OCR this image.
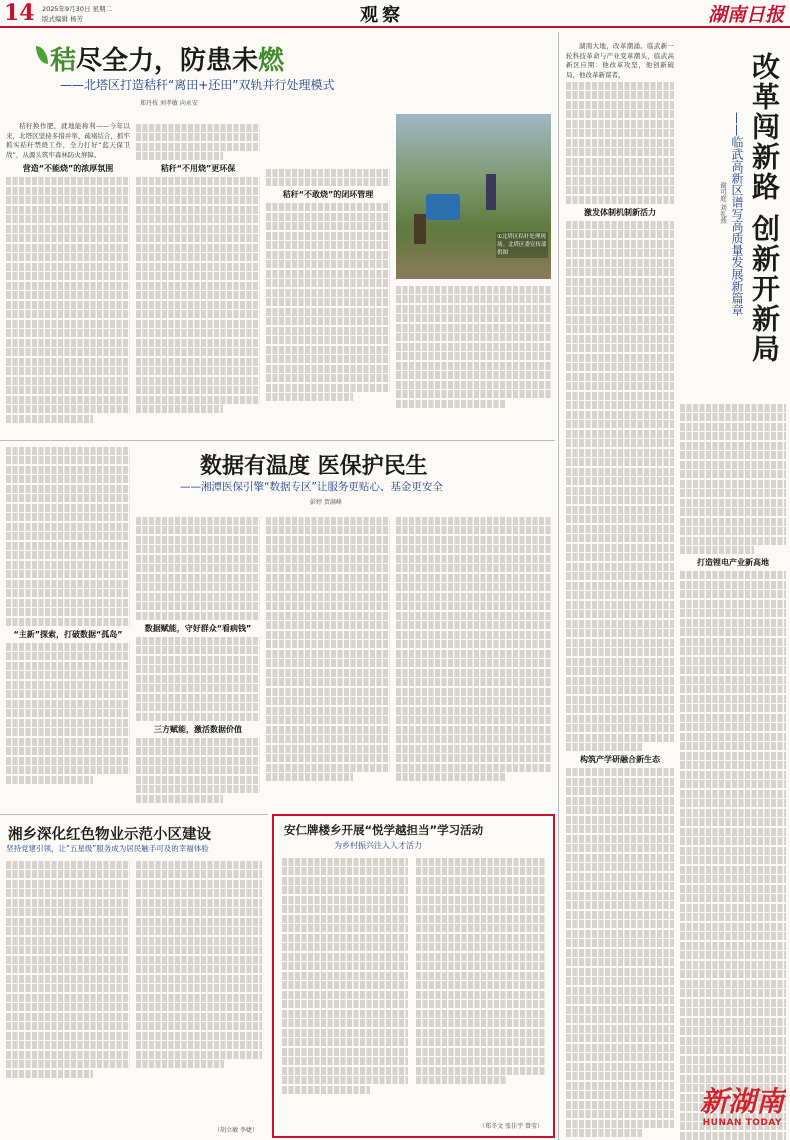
14 2025年9月30日 星期二
版式编辑 杨芳	观察	湖南日报
秸尽全力，防患未燃
——北塔区打造秸秆“离田+还田”双轨并行处理模式
郑丹枝 刘孝敏 向永安

秸秆换作肥，就地能称利——今年以来，北塔区坚持多措并举、疏堵结合，抓牢抓实秸秆禁烧工作，全力打好“蓝天保卫战”，从源头筑牢森林防火屏障。

营造“不能烧”的浓厚氛围	秸秆“不用烧”更环保
秸秆“不敢烧”的闭环管理
①北塔区秸秆处理现场。北塔区委宣传部供图	改革闯新路 创新开新局
——临武高新区谱写高质量发展新篇章
谢可庭 刘礼燕

湖南大地，改革潮涌。临武新一轮科技革命与产业变革潮头，临武高新区应期：他改革攻坚，他创新破局，他改革新谋者。

激发体制机制新活力
构筑产学研融合新生态
打造锂电产业新高地
数据有温度 医保护民生
——湘潭医保引擎“数据专区”让服务更贴心、基金更安全
彭婷 贺满峰
“主新”探索，打破数据“孤岛”
数据赋能，守好群众“看病钱”
三方赋能，激活数据价值
湘乡深化红色物业示范小区建设
坚持党建引领，让“五星级”服务成为居民触手可及的幸福体验
（胡立敏 李婕）
安仁牌楼乡开展“悦学越担当”学习活动
为乡村振兴注入人才活力
（郑冬文 张佳宇 曾莹）
新湖南
HUNAN TODAY
